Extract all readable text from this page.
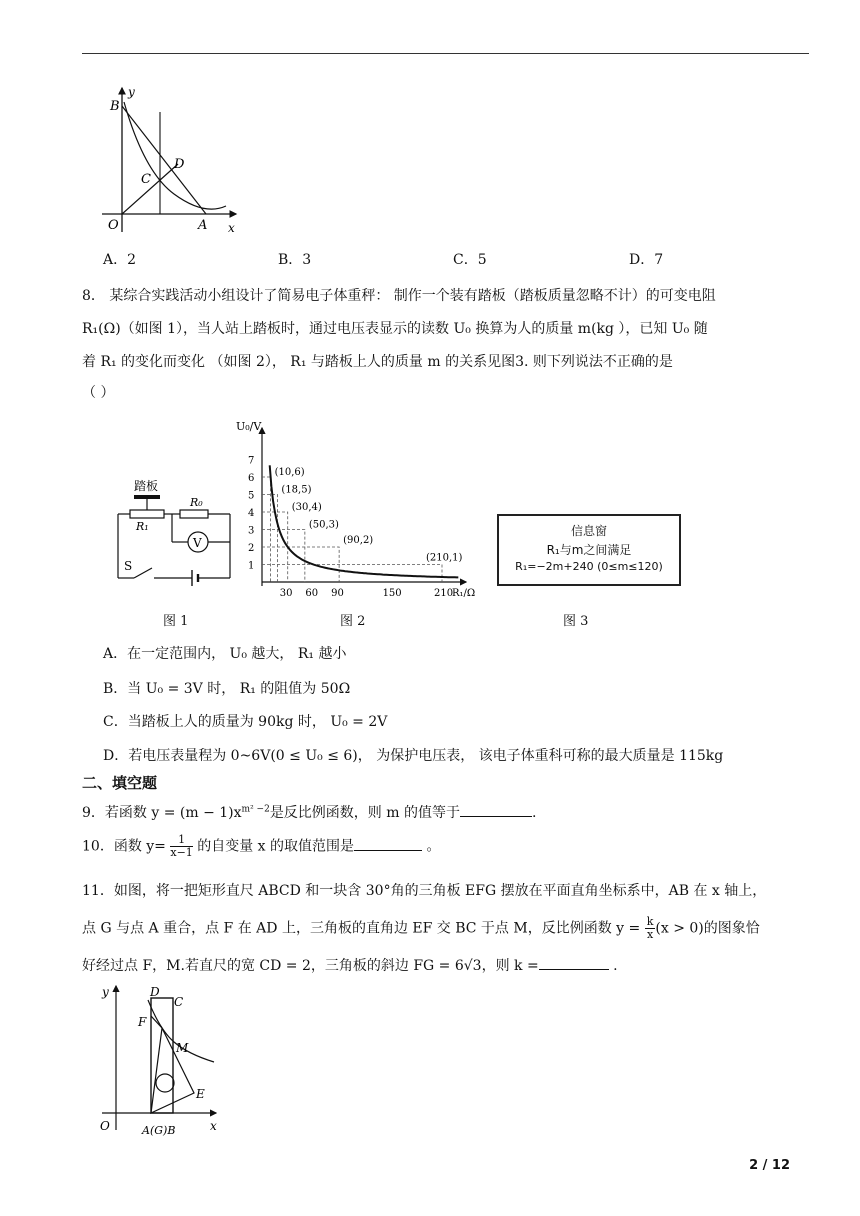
B
y
D
C
O	A x
A．2	B．3	C．5	D．7
8． 某综合实践活动小组设计了简易电子体重秤： 制作一个装有踏板（踏板质量忽略不计）的可变电阻
R₁(Ω)（如图 1），当人站上踏板时，通过电压表显示的读数 U₀ 换算为人的质量 m(kg ），已知 U₀ 随
着 R₁ 的变化而变化 （如图 2）， R₁ 与踏板上人的质量 m 的关系见图3. 则下列说法不正确的是
（ ）
踏板
R₁
R₀
V
S
图 1
U₀/V
R₁/Ω
1
2
3
4
5
6
7
30 60 90	150	210
(10,6)
(18,5)
(30,4)
(50,3)
(90,2)
(210,1)
图 2
信息窗
R₁与m之间满足
R₁=−2m+240 (0≤m≤120)
图 3
A．在一定范围内， U₀ 越大， R₁ 越小
B．当 U₀ = 3V 时， R₁ 的阻值为 50Ω
C．当踏板上人的质量为 90kg 时， U₀ = 2V
D．若电压表量程为 0~6V(0 ≤ U₀ ≤ 6)， 为保护电压表， 该电子体重科可称的最大质量是 115kg
二、填空题
9．若函数 $y = (m - 1)x^{m^2 -2}$是反比例函数，则 m 的值等于	.
10．函数 $y= \frac{1}{x-1}$ 的自变量 x 的取值范围是	。
11．如图，将一把矩形直尺 ABCD 和一块含 30°角的三角板 EFG 摆放在平面直角坐标系中，AB 在 x 轴上，
点 G 与点 A 重合，点 F 在 AD 上，三角板的直角边 EF 交 BC 于点 M，反比例函数 $y = \frac{k}{x} (x > 0)$的图象恰
好经过点 F，M.若直尺的宽 CD = 2，三角板的斜边 FG = 6√3，则 k =	.
y	D
C
F
M
E
O	A(G)B	x
2 / 12
